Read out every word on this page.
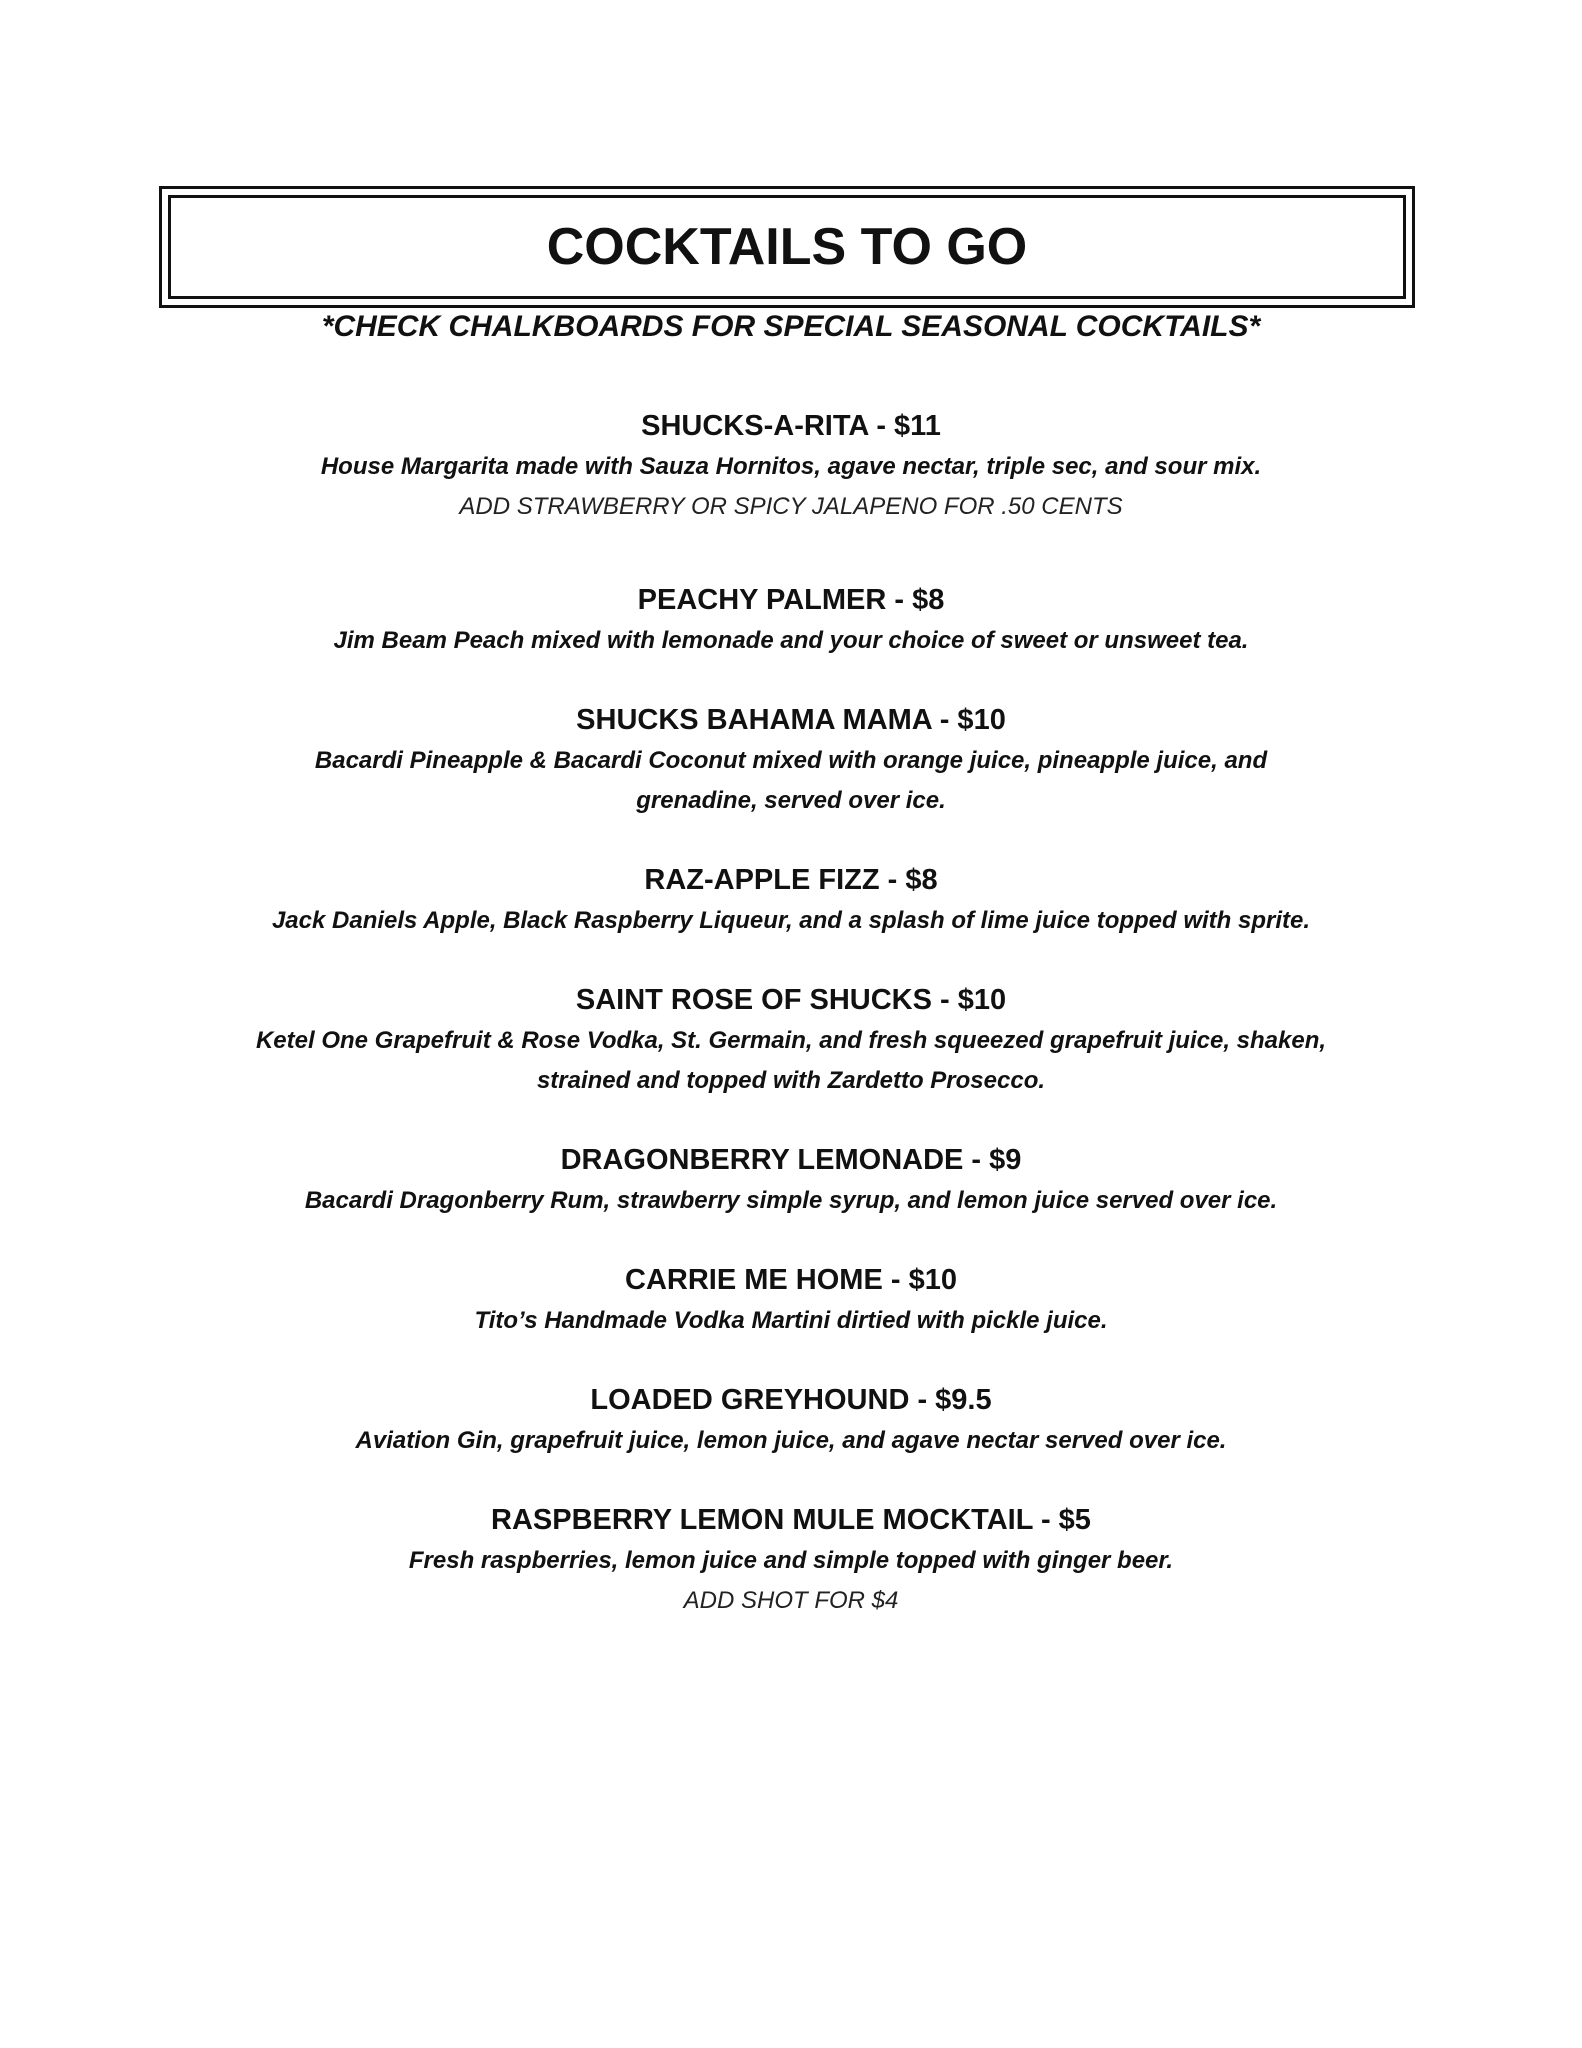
COCKTAILS TO GO

*CHECK CHALKBOARDS FOR SPECIAL SEASONAL COCKTAILS*

SHUCKS-A-RITA - $11

House Margarita made with Sauza Hornitos, agave nectar, triple sec, and sour mix.

ADD STRAWBERRY OR SPICY JALAPENO FOR .50 CENTS

PEACHY PALMER - $8

Jim Beam Peach mixed with lemonade and your choice of sweet or unsweet tea.

SHUCKS BAHAMA MAMA - $10

Bacardi Pineapple & Bacardi Coconut mixed with orange juice, pineapple juice, and

grenadine, served over ice.

RAZ-APPLE FIZZ - $8

Jack Daniels Apple, Black Raspberry Liqueur, and a splash of lime juice topped with sprite.

SAINT ROSE OF SHUCKS - $10

Ketel One Grapefruit & Rose Vodka, St. Germain, and fresh squeezed grapefruit juice, shaken,

strained and topped with Zardetto Prosecco.

DRAGONBERRY LEMONADE - $9

Bacardi Dragonberry Rum, strawberry simple syrup, and lemon juice served over ice.

CARRIE ME HOME - $10

Tito’s Handmade Vodka Martini dirtied with pickle juice.

LOADED GREYHOUND - $9.5

Aviation Gin, grapefruit juice, lemon juice, and agave nectar served over ice.

RASPBERRY LEMON MULE MOCKTAIL - $5

Fresh raspberries, lemon juice and simple topped with ginger beer.

ADD SHOT FOR $4
